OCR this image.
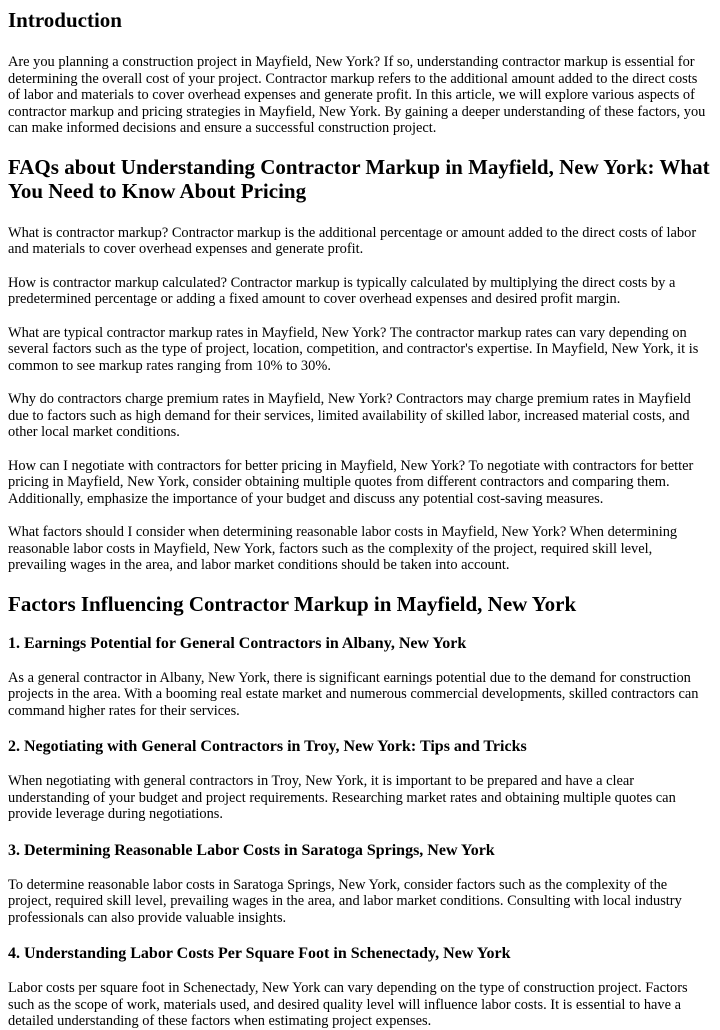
Introduction

Are you planning a construction project in Mayfield, New York? If so, understanding contractor markup is essential for determining the overall cost of your project. Contractor markup refers to the additional amount added to the direct costs of labor and materials to cover overhead expenses and generate profit. In this article, we will explore various aspects of contractor markup and pricing strategies in Mayfield, New York. By gaining a deeper understanding of these factors, you can make informed decisions and ensure a successful construction project.

FAQs about Understanding Contractor Markup in Mayfield, New York: What You Need to Know About Pricing

What is contractor markup? Contractor markup is the additional percentage or amount added to the direct costs of labor and materials to cover overhead expenses and generate profit.

How is contractor markup calculated? Contractor markup is typically calculated by multiplying the direct costs by a predetermined percentage or adding a fixed amount to cover overhead expenses and desired profit margin.

What are typical contractor markup rates in Mayfield, New York? The contractor markup rates can vary depending on several factors such as the type of project, location, competition, and contractor's expertise. In Mayfield, New York, it is common to see markup rates ranging from 10% to 30%.

Why do contractors charge premium rates in Mayfield, New York? Contractors may charge premium rates in Mayfield due to factors such as high demand for their services, limited availability of skilled labor, increased material costs, and other local market conditions.

How can I negotiate with contractors for better pricing in Mayfield, New York? To negotiate with contractors for better pricing in Mayfield, New York, consider obtaining multiple quotes from different contractors and comparing them. Additionally, emphasize the importance of your budget and discuss any potential cost-saving measures.

What factors should I consider when determining reasonable labor costs in Mayfield, New York? When determining reasonable labor costs in Mayfield, New York, factors such as the complexity of the project, required skill level, prevailing wages in the area, and labor market conditions should be taken into account.

Factors Influencing Contractor Markup in Mayfield, New York
1. Earnings Potential for General Contractors in Albany, New York

As a general contractor in Albany, New York, there is significant earnings potential due to the demand for construction projects in the area. With a booming real estate market and numerous commercial developments, skilled contractors can command higher rates for their services.

2. Negotiating with General Contractors in Troy, New York: Tips and Tricks

When negotiating with general contractors in Troy, New York, it is important to be prepared and have a clear understanding of your budget and project requirements. Researching market rates and obtaining multiple quotes can provide leverage during negotiations.

3. Determining Reasonable Labor Costs in Saratoga Springs, New York

To determine reasonable labor costs in Saratoga Springs, New York, consider factors such as the complexity of the project, required skill level, prevailing wages in the area, and labor market conditions. Consulting with local industry professionals can also provide valuable insights.

4. Understanding Labor Costs Per Square Foot in Schenectady, New York

Labor costs per square foot in Schenectady, New York can vary depending on the type of construction project. Factors such as the scope of work, materials used, and desired quality level will influence labor costs. It is essential to have a detailed understanding of these factors when estimating project expenses.
